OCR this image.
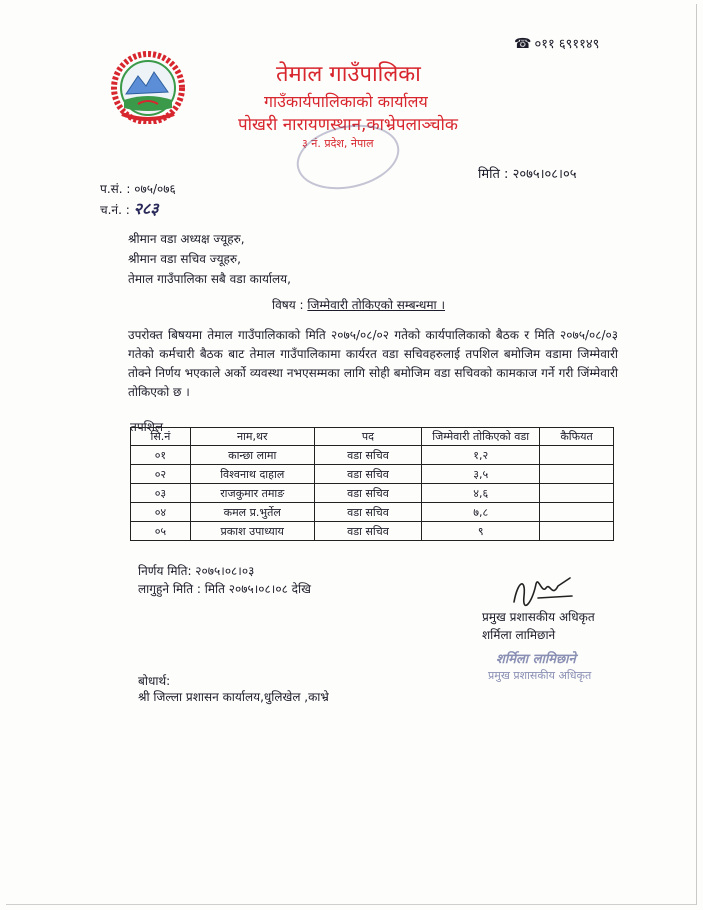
☎ ०११ ६९११४९
तेमाल गाउँपालिका
गाउँकार्यपालिकाको कार्यालय
पोखरी नारायणस्थान,काभ्रेपलाञ्चोक
३ नं. प्रदेश, नेपाल
मिति : २०७५।०८।०५
प.सं. : ०७५/०७६
च.नं. : २८३
श्रीमान वडा अध्यक्ष ज्यूहरु,
श्रीमान वडा सचिव ज्यूहरु,
तेमाल गाउँपालिका सबै वडा कार्यालय,
विषय : जिम्मेवारी तोकिएको सम्बन्धमा ।
उपरोक्त बिषयमा तेमाल गाउँपालिकाको मिति २०७५/०८/०२ गतेको कार्यपालिकाको बैठक र मिति २०७५/०८/०३ गतेको कर्मचारी बैठक बाट तेमाल गाउँपालिकामा कार्यरत वडा सचिवहरुलाई तपशिल बमोजिम वडामा जिम्मेवारी तोक्ने निर्णय भएकाले अर्को व्यवस्था नभएसम्मका लागि सोही बमोजिम वडा सचिवको कामकाज गर्ने गरी जिंम्मेवारी तोकिएको छ ।
तपशिल
सि.नं	नाम,थर	पद	जिम्मेवारी तोकिएको वडा	कैफियत
०१	कान्छा लामा	वडा सचिव	१,२	
०२	विश्वनाथ दाहाल	वडा सचिव	३,५	
०३	राजकुमार तमाङ	वडा सचिव	४,६	
०४	कमल प्र.भुर्तेल	वडा सचिव	७,८	
०५	प्रकाश उपाध्याय	वडा सचिव	९	
निर्णय मिति: २०७५।०८।०३
लागुहुने मिति : मिति २०७५।०८।०८ देखि
प्रमुख प्रशासकीय अधिकृत
शर्मिला लामिछाने
शर्मिला लामिछाने
प्रमुख प्रशासकीय अधिकृत
बोधार्थ:
श्री जिल्ला प्रशासन कार्यालय,धुलिखेल ,काभ्रे
